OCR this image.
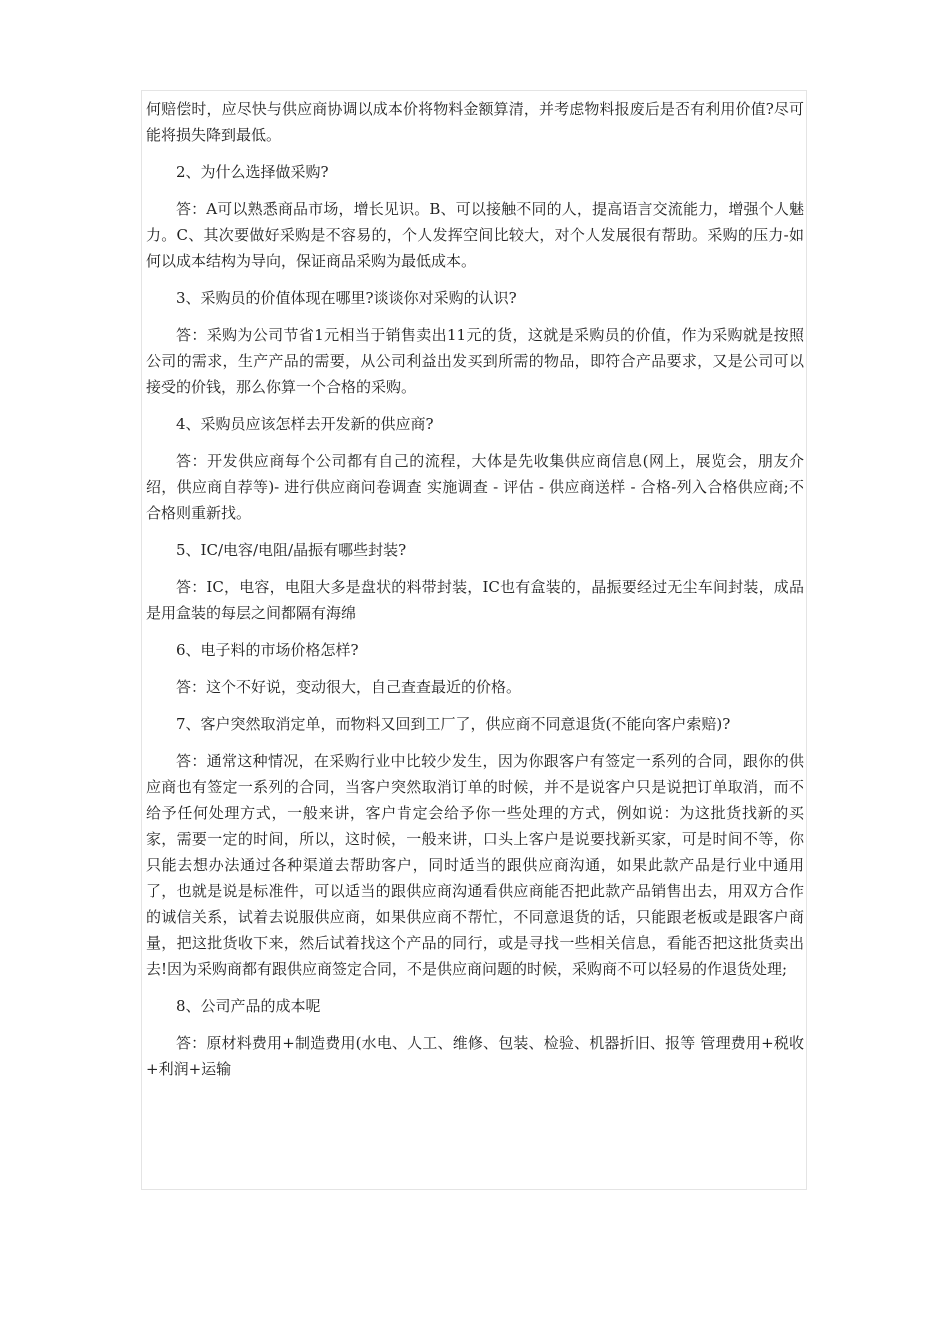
何赔偿时，应尽快与供应商协调以成本价将物料金额算清，并考虑物料报废后是否有利用价值?尽可能将损失降到最低。

2、为什么选择做采购?

答：A可以熟悉商品市场，增长见识。B、可以接触不同的人，提高语言交流能力，增强个人魅力。C、其次要做好采购是不容易的，个人发挥空间比较大，对个人发展很有帮助。采购的压力-如何以成本结构为导向，保证商品采购为最低成本。

3、采购员的价值体现在哪里?谈谈你对采购的认识?

答：采购为公司节省1元相当于销售卖出11元的货，这就是采购员的价值，作为采购就是按照公司的需求，生产产品的需要，从公司利益出发买到所需的物品，即符合产品要求，又是公司可以接受的价钱，那么你算一个合格的采购。

4、采购员应该怎样去开发新的供应商?

答：开发供应商每个公司都有自己的流程，大体是先收集供应商信息(网上，展览会，朋友介绍，供应商自荐等)- 进行供应商问卷调查 实施调查 - 评估 - 供应商送样 - 合格-列入合格供应商;不合格则重新找。

5、IC/电容/电阻/晶振有哪些封装?

答：IC，电容，电阻大多是盘状的料带封装，IC也有盒装的，晶振要经过无尘车间封装，成品是用盒装的每层之间都隔有海绵

6、电子料的市场价格怎样?

答：这个不好说，变动很大，自己查查最近的价格。

7、客户突然取消定单，而物料又回到工厂了，供应商不同意退货(不能向客户索赔)?

答：通常这种情况，在采购行业中比较少发生，因为你跟客户有签定一系列的合同，跟你的供应商也有签定一系列的合同，当客户突然取消订单的时候，并不是说客户只是说把订单取消，而不给予任何处理方式，一般来讲，客户肯定会给予你一些处理的方式，例如说：为这批货找新的买家，需要一定的时间，所以，这时候，一般来讲，口头上客户是说要找新买家，可是时间不等，你只能去想办法通过各种渠道去帮助客户，同时适当的跟供应商沟通，如果此款产品是行业中通用了，也就是说是标准件，可以适当的跟供应商沟通看供应商能否把此款产品销售出去，用双方合作的诚信关系，试着去说服供应商，如果供应商不帮忙，不同意退货的话，只能跟老板或是跟客户商量，把这批货收下来，然后试着找这个产品的同行，或是寻找一些相关信息，看能否把这批货卖出去!因为采购商都有跟供应商签定合同，不是供应商问题的时候，采购商不可以轻易的作退货处理;

8、公司产品的成本呢

答：原材料费用+制造费用(水电、人工、维修、包装、检验、机器折旧、报等 管理费用+税收+利润+运输
